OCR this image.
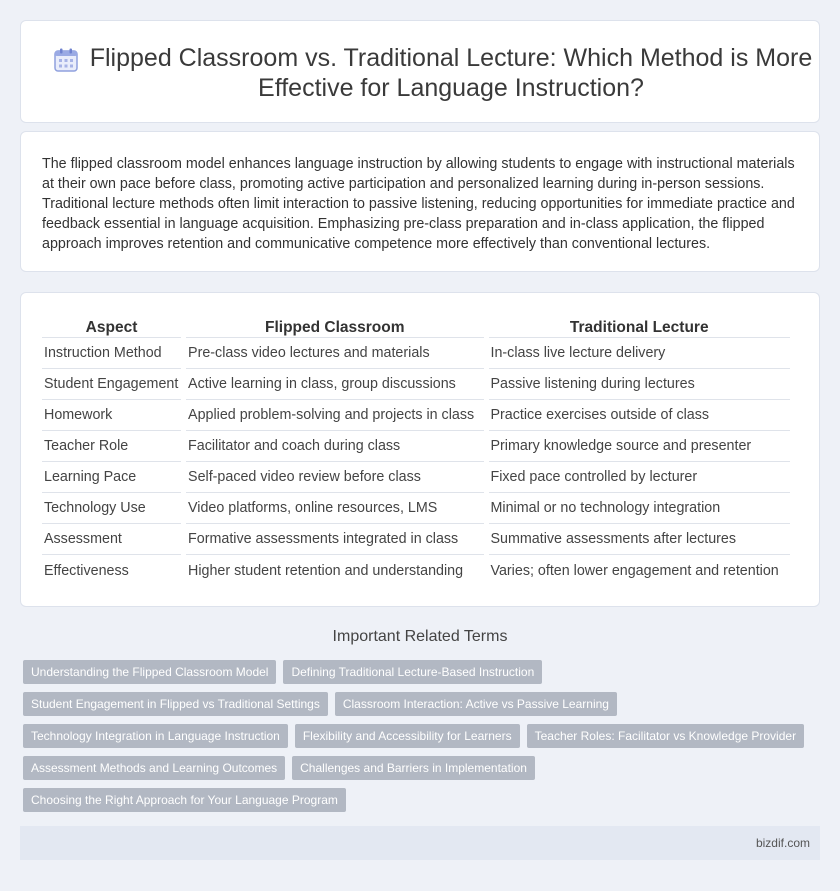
Flipped Classroom vs. Traditional Lecture: Which Method is More Effective for Language Instruction?

The flipped classroom model enhances language instruction by allowing students to engage with instructional materials at their own pace before class, promoting active participation and personalized learning during in-person sessions. Traditional lecture methods often limit interaction to passive listening, reducing opportunities for immediate practice and feedback essential in language acquisition. Emphasizing pre-class preparation and in-class application, the flipped approach improves retention and communicative competence more effectively than conventional lectures.

Aspect	Flipped Classroom	Traditional Lecture
Instruction Method	Pre-class video lectures and materials	In-class live lecture delivery
Student Engagement	Active learning in class, group discussions	Passive listening during lectures
Homework	Applied problem-solving and projects in class	Practice exercises outside of class
Teacher Role	Facilitator and coach during class	Primary knowledge source and presenter
Learning Pace	Self-paced video review before class	Fixed pace controlled by lecturer
Technology Use	Video platforms, online resources, LMS	Minimal or no technology integration
Assessment	Formative assessments integrated in class	Summative assessments after lectures
Effectiveness	Higher student retention and understanding	Varies; often lower engagement and retention
Important Related Terms
Understanding the Flipped Classroom Model	Defining Traditional Lecture-Based Instruction
Student Engagement in Flipped vs Traditional Settings	Classroom Interaction: Active vs Passive Learning
Technology Integration in Language Instruction	Flexibility and Accessibility for Learners	Teacher Roles: Facilitator vs Knowledge Provider
Assessment Methods and Learning Outcomes	Challenges and Barriers in Implementation
Choosing the Right Approach for Your Language Program
bizdif.com
